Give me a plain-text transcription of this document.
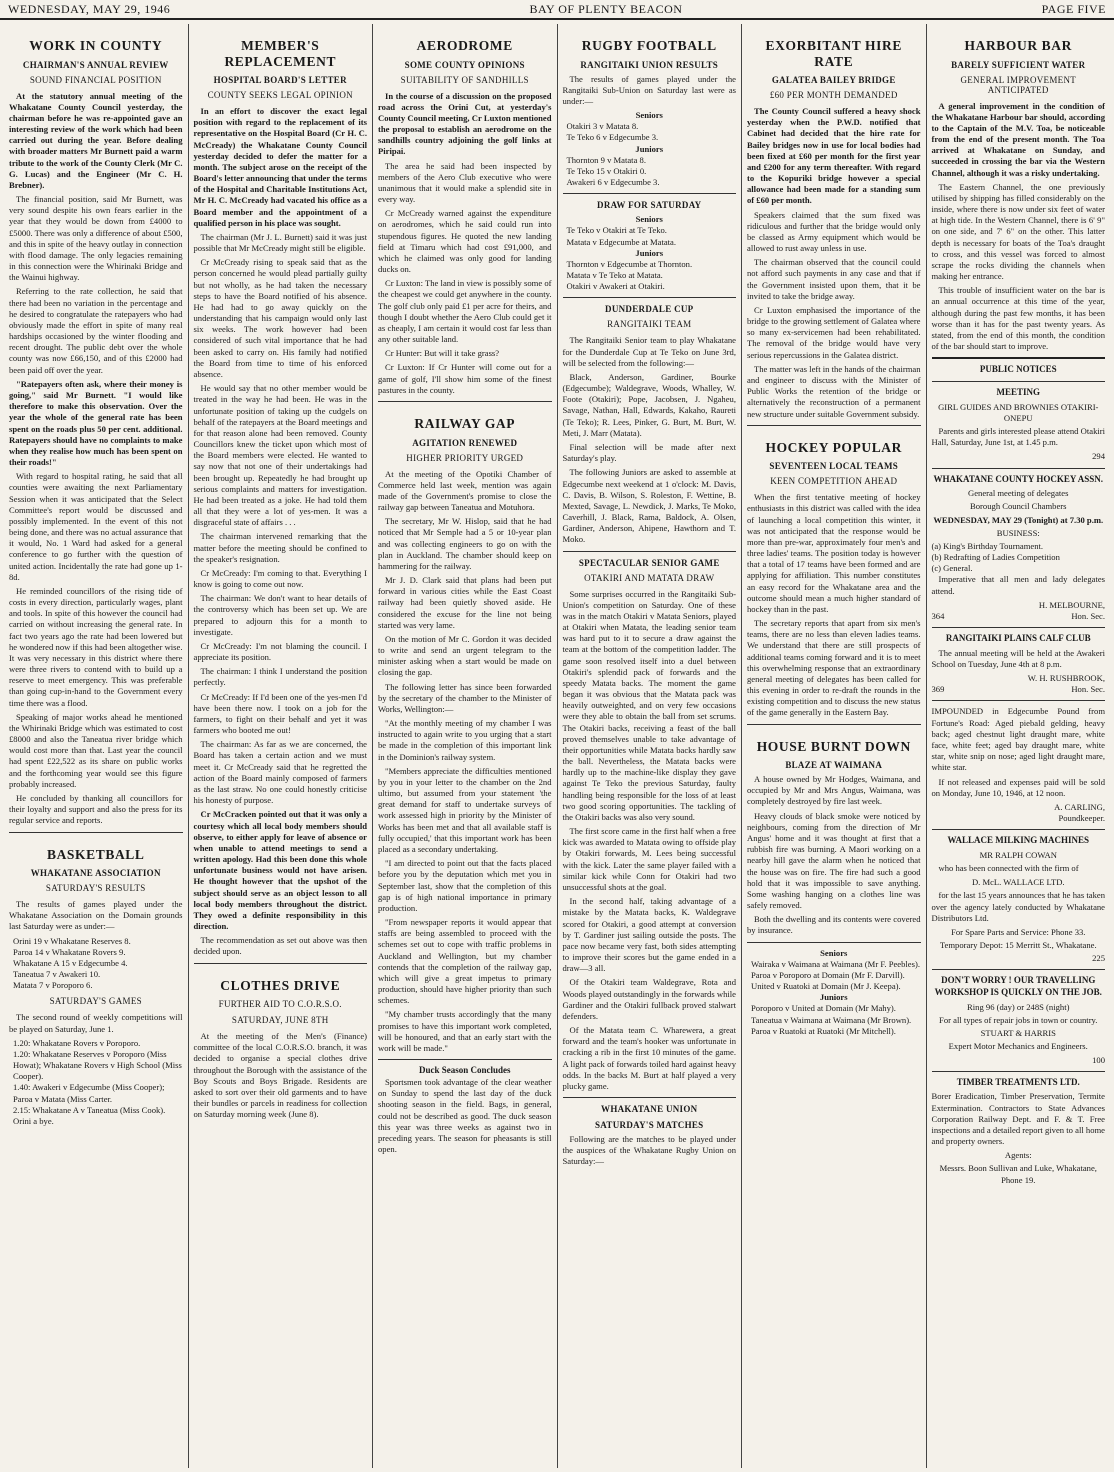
WEDNESDAY, MAY 29, 1946	BAY OF PLENTY BEACON	PAGE FIVE
WORK IN COUNTY
CHAIRMAN'S ANNUAL REVIEW
SOUND FINANCIAL POSITION

At the statutory annual meeting of the Whakatane County Council yesterday, the chairman before he was re-appointed gave an interesting review of the work which had been carried out during the year. Before dealing with broader matters Mr Burnett paid a warm tribute to the work of the County Clerk (Mr C. G. Lucas) and the Engineer (Mr C. H. Brebner).

The financial position, said Mr Burnett, was very sound despite his own fears earlier in the year that they would be down from £4000 to £5000. There was only a difference of about £500, and this in spite of the heavy outlay in connection with flood damage. The only legacies remaining in this connection were the Whirinaki Bridge and the Wainui highway.

Referring to the rate collection, he said that there had been no variation in the percentage and he desired to congratulate the ratepayers who had obviously made the effort in spite of many real hardships occasioned by the winter flooding and recent drought. The public debt over the whole county was now £66,150, and of this £2000 had been paid off over the year.

"Ratepayers often ask, where their money is going," said Mr Burnett. "I would like therefore to make this observation. Over the year the whole of the general rate has been spent on the roads plus 50 per cent. additional. Ratepayers should have no complaints to make when they realise how much has been spent on their roads!"

With regard to hospital rating, he said that all counties were awaiting the next Parliamentary Session when it was anticipated that the Select Committee's report would be discussed and possibly implemented. In the event of this not being done, and there was no actual assurance that it would, No. 1 Ward had asked for a general conference to go further with the question of united action. Incidentally the rate had gone up 1-8d.

He reminded councillors of the rising tide of costs in every direction, particularly wages, plant and tools. In spite of this however the council had carried on without increasing the general rate. In fact two years ago the rate had been lowered but he wondered now if this had been altogether wise. It was very necessary in this district where there were three rivers to contend with to build up a reserve to meet emergency. This was preferable than going cup-in-hand to the Government every time there was a flood.

Speaking of major works ahead he mentioned the Whirinaki Bridge which was estimated to cost £8000 and also the Taneatua river bridge which would cost more than that. Last year the council had spent £22,522 as its share on public works and the forthcoming year would see this figure probably increased.

He concluded by thanking all councillors for their loyalty and support and also the press for its regular service and reports.

BASKETBALL
WHAKATANE ASSOCIATION
SATURDAY'S RESULTS

The results of games played under the Whakatane Association on the Domain grounds last Saturday were as under:—

Orini 19 v Whakatane Reserves 8.
Paroa 14 v Whakatane Rovers 9.
Whakatane A 15 v Edgecumbe 4.
Taneatua 7 v Awakeri 10.
Matata 7 v Poroporo 6.
SATURDAY'S GAMES

The second round of weekly competitions will be played on Saturday, June 1.

1.20: Whakatane Rovers v Poroporo.
1.20: Whakatane Reserves v Poroporo (Miss Howat); Whakatane Rovers v High School (Miss Cooper).
1.40: Awakeri v Edgecumbe (Miss Cooper); Paroa v Matata (Miss Carter.
2.15: Whakatane A v Taneatua (Miss Cook).
Orini a bye.
MEMBER'S REPLACEMENT
HOSPITAL BOARD'S LETTER
COUNTY SEEKS LEGAL OPINION

In an effort to discover the exact legal position with regard to the replacement of its representative on the Hospital Board (Cr H. C. McCready) the Whakatane County Council yesterday decided to defer the matter for a month. The subject arose on the receipt of the Board's letter announcing that under the terms of the Hospital and Charitable Institutions Act, Mr H. C. McCready had vacated his office as a Board member and the appointment of a qualified person in his place was sought.

The chairman (Mr J. L. Burnett) said it was just possible that Mr McCready might still be eligible.

Cr McCready rising to speak said that as the person concerned he would plead partially guilty but not wholly, as he had taken the necessary steps to have the Board notified of his absence. He had had to go away quickly on the understanding that his campaign would only last six weeks. The work however had been considered of such vital importance that he had been asked to carry on. His family had notified the Board from time to time of his enforced absence.

He would say that no other member would be treated in the way he had been. He was in the unfortunate position of taking up the cudgels on behalf of the ratepayers at the Board meetings and for that reason alone had been removed. County Councillors knew the ticket upon which most of the Board members were elected. He wanted to say now that not one of their undertakings had been brought up. Repeatedly he had brought up serious complaints and matters for investigation. He had been treated as a joke. He had told them all that they were a lot of yes-men. It was a disgraceful state of affairs . . .

The chairman intervened remarking that the matter before the meeting should be confined to the speaker's resignation.

Cr McCready: I'm coming to that. Everything I know is going to come out now.

The chairman: We don't want to hear details of the controversy which has been set up. We are prepared to adjourn this for a month to investigate.

Cr McCready: I'm not blaming the council. I appreciate its position.

The chairman: I think I understand the position perfectly.

Cr McCready: If I'd been one of the yes-men I'd have been there now. I took on a job for the farmers, to fight on their behalf and yet it was farmers who booted me out!

The chairman: As far as we are concerned, the Board has taken a certain action and we must meet it. Cr McCready said that he regretted the action of the Board mainly composed of farmers as the last straw. No one could honestly criticise his honesty of purpose.

Cr McCracken pointed out that it was only a courtesy which all local body members should observe, to either apply for leave of absence or when unable to attend meetings to send a written apology. Had this been done this whole unfortunate business would not have arisen. He thought however that the upshot of the subject should serve as an object lesson to all local body members throughout the district. They owed a definite responsibility in this direction.

The recommendation as set out above was then decided upon.

CLOTHES DRIVE
FURTHER AID TO C.O.R.S.O.
SATURDAY, JUNE 8TH

At the meeting of the Men's (Finance) committee of the local C.O.R.S.O. branch, it was decided to organise a special clothes drive throughout the Borough with the assistance of the Boy Scouts and Boys Brigade. Residents are asked to sort over their old garments and to have their bundles or parcels in readiness for collection on Saturday morning week (June 8).

AERODROME
SOME COUNTY OPINIONS
SUITABILITY OF SANDHILLS

In the course of a discussion on the proposed road across the Orini Cut, at yesterday's County Council meeting, Cr Luxton mentioned the proposal to establish an aerodrome on the sandhills country adjoining the golf links at Piripai.

The area he said had been inspected by members of the Aero Club executive who were unanimous that it would make a splendid site in every way.

Cr McCready warned against the expenditure on aerodromes, which he said could run into stupendous figures. He quoted the new landing field at Timaru which had cost £91,000, and which he claimed was only good for landing ducks on.

Cr Luxton: The land in view is possibly some of the cheapest we could get anywhere in the county. The golf club only paid £1 per acre for theirs, and though I doubt whether the Aero Club could get it as cheaply, I am certain it would cost far less than any other suitable land.

Cr Hunter: But will it take grass?

Cr Luxton: If Cr Hunter will come out for a game of golf, I'll show him some of the finest pastures in the county.

RAILWAY GAP
AGITATION RENEWED
HIGHER PRIORITY URGED

At the meeting of the Opotiki Chamber of Commerce held last week, mention was again made of the Government's promise to close the railway gap between Taneatua and Motuhora.

The secretary, Mr W. Hislop, said that he had noticed that Mr Semple had a 5 or 10-year plan and was collecting engineers to go on with the plan in Auckland. The chamber should keep on hammering for the railway.

Mr J. D. Clark said that plans had been put forward in various cities while the East Coast railway had been quietly shoved aside. He considered the excuse for the line not being started was very lame.

On the motion of Mr C. Gordon it was decided to write and send an urgent telegram to the minister asking when a start would be made on closing the gap.

The following letter has since been forwarded by the secretary of the chamber to the Minister of Works, Wellington:—

"At the monthly meeting of my chamber I was instructed to again write to you urging that a start be made in the completion of this important link in the Dominion's railway system.

"Members appreciate the difficulties mentioned by you in your letter to the chamber on the 2nd ultimo, but assumed from your statement 'the great demand for staff to undertake surveys of work assessed high in priority by the Minister of Works has been met and that all available staff is fully occupied,' that this important work has been placed as a secondary undertaking.

"I am directed to point out that the facts placed before you by the deputation which met you in September last, show that the completion of this gap is of high national importance in primary production.

"From newspaper reports it would appear that staffs are being assembled to proceed with the schemes set out to cope with traffic problems in Auckland and Wellington, but my chamber contends that the completion of the railway gap, which will give a great impetus to primary production, should have higher priority than such schemes.

"My chamber trusts accordingly that the many promises to have this important work completed, will be honoured, and that an early start with the work will be made."

Duck Season Concludes

Sportsmen took advantage of the clear weather on Sunday to spend the last day of the duck shooting season in the field. Bags, in general, could not be described as good. The duck season this year was three weeks as against two in preceding years. The season for pheasants is still open.

RUGBY FOOTBALL
RANGITAIKI UNION RESULTS

The results of games played under the Rangitaiki Sub-Union on Saturday last were as under:—

Seniors
Otakiri 3 v Matata 8.
Te Teko 6 v Edgecumbe 3.
Juniors
Thornton 9 v Matata 8.
Te Teko 15 v Otakiri 0.
Awakeri 6 v Edgecumbe 3.
DRAW FOR SATURDAY
Seniors
Te Teko v Otakiri at Te Teko.
Matata v Edgecumbe at Matata.
Juniors
Thornton v Edgecumbe at Thornton.
Matata v Te Teko at Matata.
Otakiri v Awakeri at Otakiri.
DUNDERDALE CUP
RANGITAIKI TEAM

The Rangitaiki Senior team to play Whakatane for the Dunderdale Cup at Te Teko on June 3rd, will be selected from the following:—

Black, Anderson, Gardiner, Bourke (Edgecumbe); Waldegrave, Woods, Whalley, W. Foote (Otakiri); Pope, Jacobsen, J. Ngaheu, Savage, Nathan, Hall, Edwards, Kakaho, Raureti (Te Teko); R. Lees, Pinker, G. Burt, M. Burt, W. Meti, J. Marr (Matata).

Final selection will be made after next Saturday's play.

The following Juniors are asked to assemble at Edgecumbe next weekend at 1 o'clock: M. Davis, C. Davis, B. Wilson, S. Roleston, F. Wettine, B. Mexted, Savage, L. Newdick, J. Marks, Te Moko, Caverhill, J. Black, Rama, Baldock, A. Olsen, Gardiner, Anderson, Ahipene, Hawthorn and T. Moko.

SPECTACULAR SENIOR GAME
OTAKIRI AND MATATA DRAW

Some surprises occurred in the Rangitaiki Sub-Union's competition on Saturday. One of these was in the match Otakiri v Matata Seniors, played at Otakiri when Matata, the leading senior team was hard put to it to secure a draw against the team at the bottom of the competition ladder. The game soon resolved itself into a duel between Otakiri's splendid pack of forwards and the speedy Matata backs. The moment the game began it was obvious that the Matata pack was heavily outweighted, and on very few occasions were they able to obtain the ball from set scrums. The Otakiri backs, receiving a feast of the ball proved themselves unable to take advantage of their opportunities while Matata backs hardly saw the ball. Nevertheless, the Matata backs were hardly up to the machine-like display they gave against Te Teko the previous Saturday, faulty handling being responsible for the loss of at least two good scoring opportunities. The tackling of the Otakiri backs was also very sound.

The first score came in the first half when a free kick was awarded to Matata owing to offside play by Otakiri forwards, M. Lees being successful with the kick. Later the same player failed with a similar kick while Conn for Otakiri had two unsuccessful shots at the goal.

In the second half, taking advantage of a mistake by the Matata backs, K. Waldegrave scored for Otakiri, a good attempt at conversion by T. Gardiner just sailing outside the posts. The pace now became very fast, both sides attempting to improve their scores but the game ended in a draw—3 all.

Of the Otakiri team Waldegrave, Rota and Woods played outstandingly in the forwards while Gardiner and the Otakiri fullback proved stalwart defenders.

Of the Matata team C. Wharewera, a great forward and the team's hooker was unfortunate in cracking a rib in the first 10 minutes of the game. A light pack of forwards toiled hard against heavy odds. In the backs M. Burt at half played a very plucky game.

WHAKATANE UNION
SATURDAY'S MATCHES

Following are the matches to be played under the auspices of the Whakatane Rugby Union on Saturday:—

EXORBITANT HIRE RATE
GALATEA BAILEY BRIDGE
£60 PER MONTH DEMANDED

The County Council suffered a heavy shock yesterday when the P.W.D. notified that Cabinet had decided that the hire rate for Bailey bridges now in use for local bodies had been fixed at £60 per month for the first year and £200 for any term thereafter. With regard to the Kopuriki bridge however a special allowance had been made for a standing sum of £60 per month.

Speakers claimed that the sum fixed was ridiculous and further that the bridge would only be classed as Army equipment which would be allowed to rust away unless in use.

The chairman observed that the council could not afford such payments in any case and that if the Government insisted upon them, that it be invited to take the bridge away.

Cr Luxton emphasised the importance of the bridge to the growing settlement of Galatea where so many ex-servicemen had been rehabilitated. The removal of the bridge would have very serious repercussions in the Galatea district.

The matter was left in the hands of the chairman and engineer to discuss with the Minister of Public Works the retention of the bridge or alternatively the reconstruction of a permanent new structure under suitable Government subsidy.

HOCKEY POPULAR
SEVENTEEN LOCAL TEAMS
KEEN COMPETITION AHEAD

When the first tentative meeting of hockey enthusiasts in this district was called with the idea of launching a local competition this winter, it was not anticipated that the response would be more than pre-war, approximately four men's and three ladies' teams. The position today is however that a total of 17 teams have been formed and are applying for affiliation. This number constitutes an easy record for the Whakatane area and the outcome should mean a much higher standard of hockey than in the past.

The secretary reports that apart from six men's teams, there are no less than eleven ladies teams. We understand that there are still prospects of additional teams coming forward and it is to meet this overwhelming response that an extraordinary general meeting of delegates has been called for this evening in order to re-draft the rounds in the existing competition and to discuss the new status of the game generally in the Eastern Bay.

HOUSE BURNT DOWN
BLAZE AT WAIMANA

A house owned by Mr Hodges, Waimana, and occupied by Mr and Mrs Angus, Waimana, was completely destroyed by fire last week.

Heavy clouds of black smoke were noticed by neighbours, coming from the direction of Mr Angus' home and it was thought at first that a rubbish fire was burning. A Maori working on a nearby hill gave the alarm when he noticed that the house was on fire. The fire had such a good hold that it was impossible to save anything. Some washing hanging on a clothes line was safely removed.

Both the dwelling and its contents were covered by insurance.

Seniors
Wairaka v Waimana at Waimana (Mr F. Peebles).
Paroa v Poroporo at Domain (Mr F. Darvill).
United v Ruatoki at Domain (Mr J. Keepa).
Juniors
Poroporo v United at Domain (Mr Mahy).
Taneatua v Waimana at Waimana (Mr Brown).
Paroa v Ruatoki at Ruatoki (Mr Mitchell).
HARBOUR BAR
BARELY SUFFICIENT WATER
GENERAL IMPROVEMENT ANTICIPATED

A general improvement in the condition of the Whakatane Harbour bar should, according to the Captain of the M.V. Toa, be noticeable from the end of the present month. The Toa arrived at Whakatane on Sunday, and succeeded in crossing the bar via the Western Channel, although it was a risky undertaking.

The Eastern Channel, the one previously utilised by shipping has filled considerably on the inside, where there is now under six feet of water at high tide. In the Western Channel, there is 6' 9" on one side, and 7' 6" on the other. This latter depth is necessary for boats of the Toa's draught to cross, and this vessel was forced to almost scrape the rocks dividing the channels when making her entrance.

This trouble of insufficient water on the bar is an annual occurrence at this time of the year, although during the past few months, it has been worse than it has for the past twenty years. As stated, from the end of this month, the condition of the bar should start to improve.

PUBLIC NOTICES
MEETING
GIRL GUIDES AND BROWNIES OTAKIRI-ONEPU

Parents and girls interested please attend Otakiri Hall, Saturday, June 1st, at 1.45 p.m.

294
WHAKATANE COUNTY HOCKEY ASSN.
General meeting of delegates
Borough Council Chambers
WEDNESDAY, MAY 29 (Tonight) at 7.30 p.m.
BUSINESS:
(a) King's Birthday Tournament.
(b) Redrafting of Ladies Competition
(c) General.

Imperative that all men and lady delegates attend.

H. MELBOURNE,
364	Hon. Sec.
RANGITAIKI PLAINS CALF CLUB

The annual meeting will be held at the Awakeri School on Tuesday, June 4th at 8 p.m.

W. H. RUSHBROOK,
369	Hon. Sec.

IMPOUNDED in Edgecumbe Pound from Fortune's Road: Aged piebald gelding, heavy back; aged chestnut light draught mare, white face, white feet; aged bay draught mare, white star, white snip on nose; aged light draught mare, white star.

If not released and expenses paid will be sold on Monday, June 10, 1946, at 12 noon.

A. CARLING,
Poundkeeper.
WALLACE MILKING MACHINES
MR RALPH COWAN

who has been connected with the firm of

D. McL. WALLACE LTD.

for the last 15 years announces that he has taken over the agency lately conducted by Whakatane Distributors Ltd.

For Spare Parts and Service: Phone 33.
Temporary Depot: 15 Merritt St., Whakatane.
225
DON'T WORRY ! OUR TRAVELLING WORKSHOP IS QUICKLY ON THE JOB.
Ring 96 (day) or 248S (night)
For all types of repair jobs in town or country.
STUART & HARRIS
Expert Motor Mechanics and Engineers.
100
TIMBER TREATMENTS LTD.

Borer Eradication, Timber Preservation, Termite Extermination. Contractors to State Advances Corporation Railway Dept. and F. & T. Free inspections and a detailed report given to all home and property owners.

Agents:
Messrs. Boon Sullivan and Luke, Whakatane, Phone 19.
